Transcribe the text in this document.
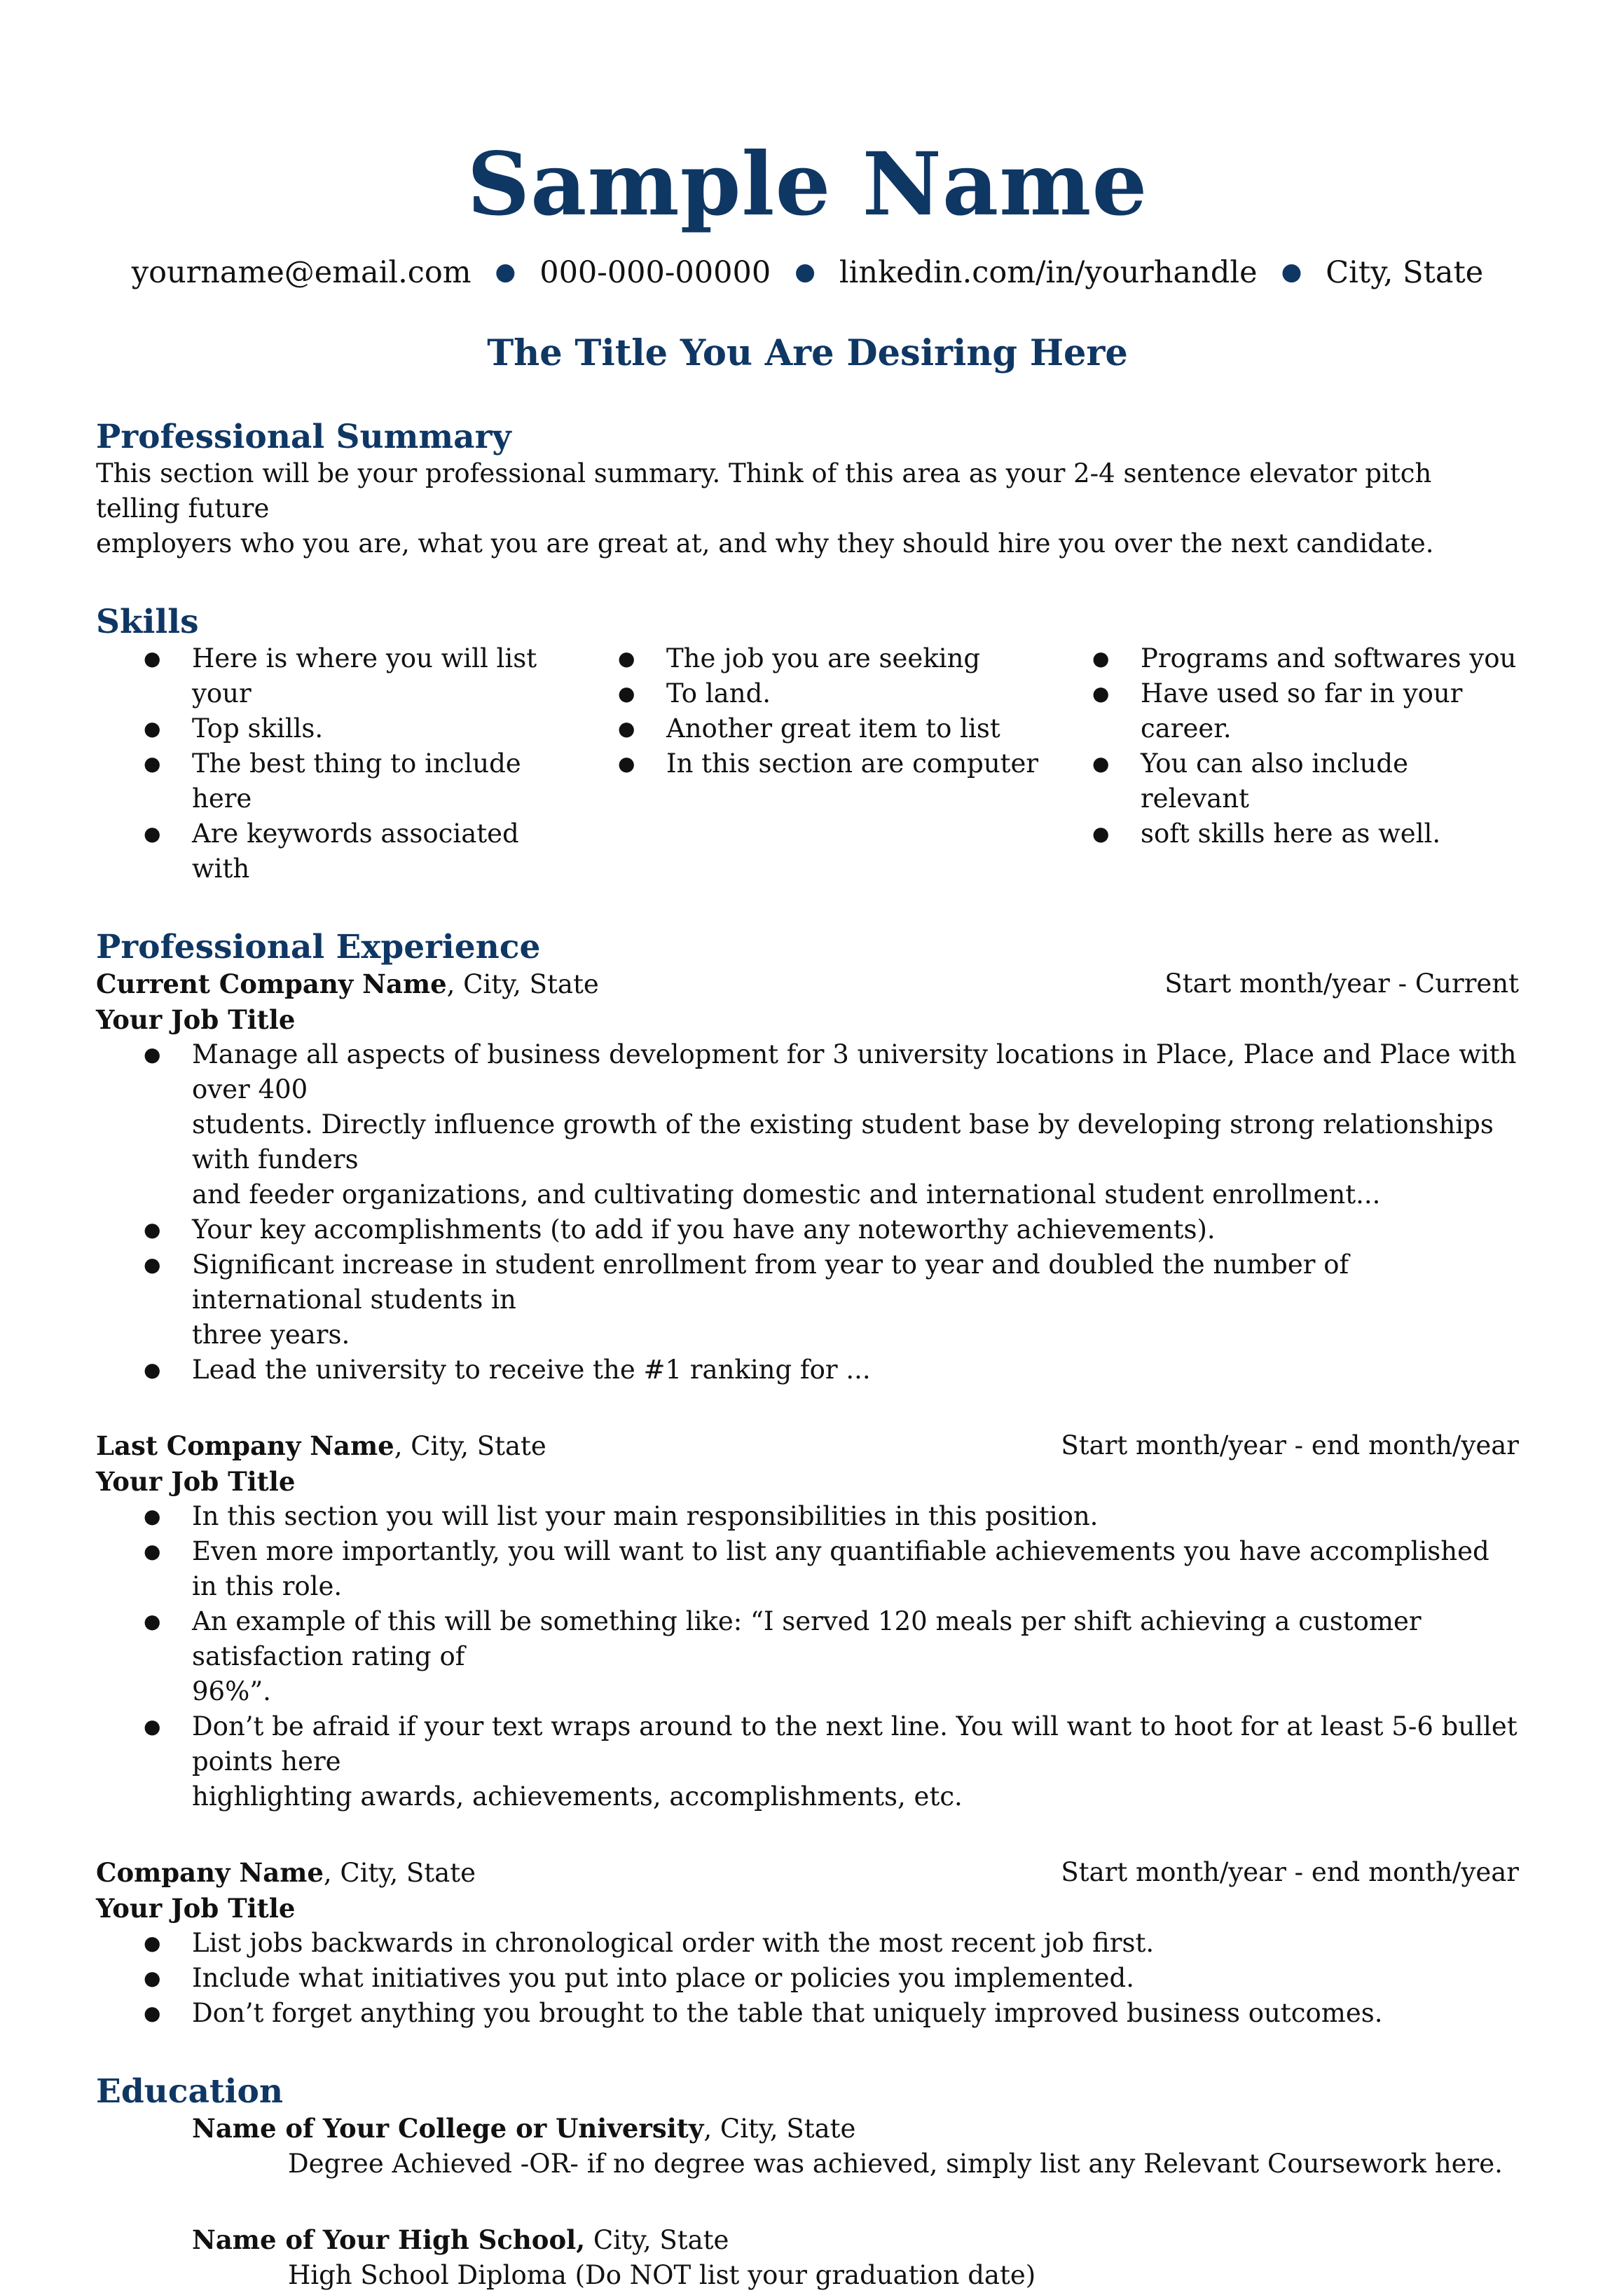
Sample Name
yourname@email.com ● 000-000-00000 ● linkedin.com/in/yourhandle ● City, State
The Title You Are Desiring Here
Professional Summary
This section will be your professional summary. Think of this area as your 2-4 sentence elevator pitch telling future
employers who you are, what you are great at, and why they should hire you over the next candidate.
Skills
● Here is where you will list your
● Top skills.
● The best thing to include here
● Are keywords associated with
● The job you are seeking
● To land.
● Another great item to list
● In this section are computer
● Programs and softwares you
● Have used so far in your career.
● You can also include relevant
● soft skills here as well.
Professional Experience
Current Company Name, City, State	Start month/year - Current
Your Job Title
● Manage all aspects of business development for 3 university locations in Place, Place and Place with over 400
students. Directly influence growth of the existing student base by developing strong relationships with funders
and feeder organizations, and cultivating domestic and international student enrollment...
● Your key accomplishments (to add if you have any noteworthy achievements).
● Significant increase in student enrollment from year to year and doubled the number of international students in
three years.
● Lead the university to receive the #1 ranking for ...
Last Company Name, City, State	Start month/year - end month/year
Your Job Title
● In this section you will list your main responsibilities in this position.
● Even more importantly, you will want to list any quantifiable achievements you have accomplished in this role.
● An example of this will be something like: “I served 120 meals per shift achieving a customer satisfaction rating of
96%”.
● Don’t be afraid if your text wraps around to the next line. You will want to hoot for at least 5-6 bullet points here
highlighting awards, achievements, accomplishments, etc.
Company Name, City, State	Start month/year - end month/year
Your Job Title
● List jobs backwards in chronological order with the most recent job first.
● Include what initiatives you put into place or policies you implemented.
● Don’t forget anything you brought to the table that uniquely improved business outcomes.
Education
Name of Your College or University, City, State
Degree Achieved -OR- if no degree was achieved, simply list any Relevant Coursework here.
Name of Your High School, City, State
High School Diploma (Do NOT list your graduation date)
